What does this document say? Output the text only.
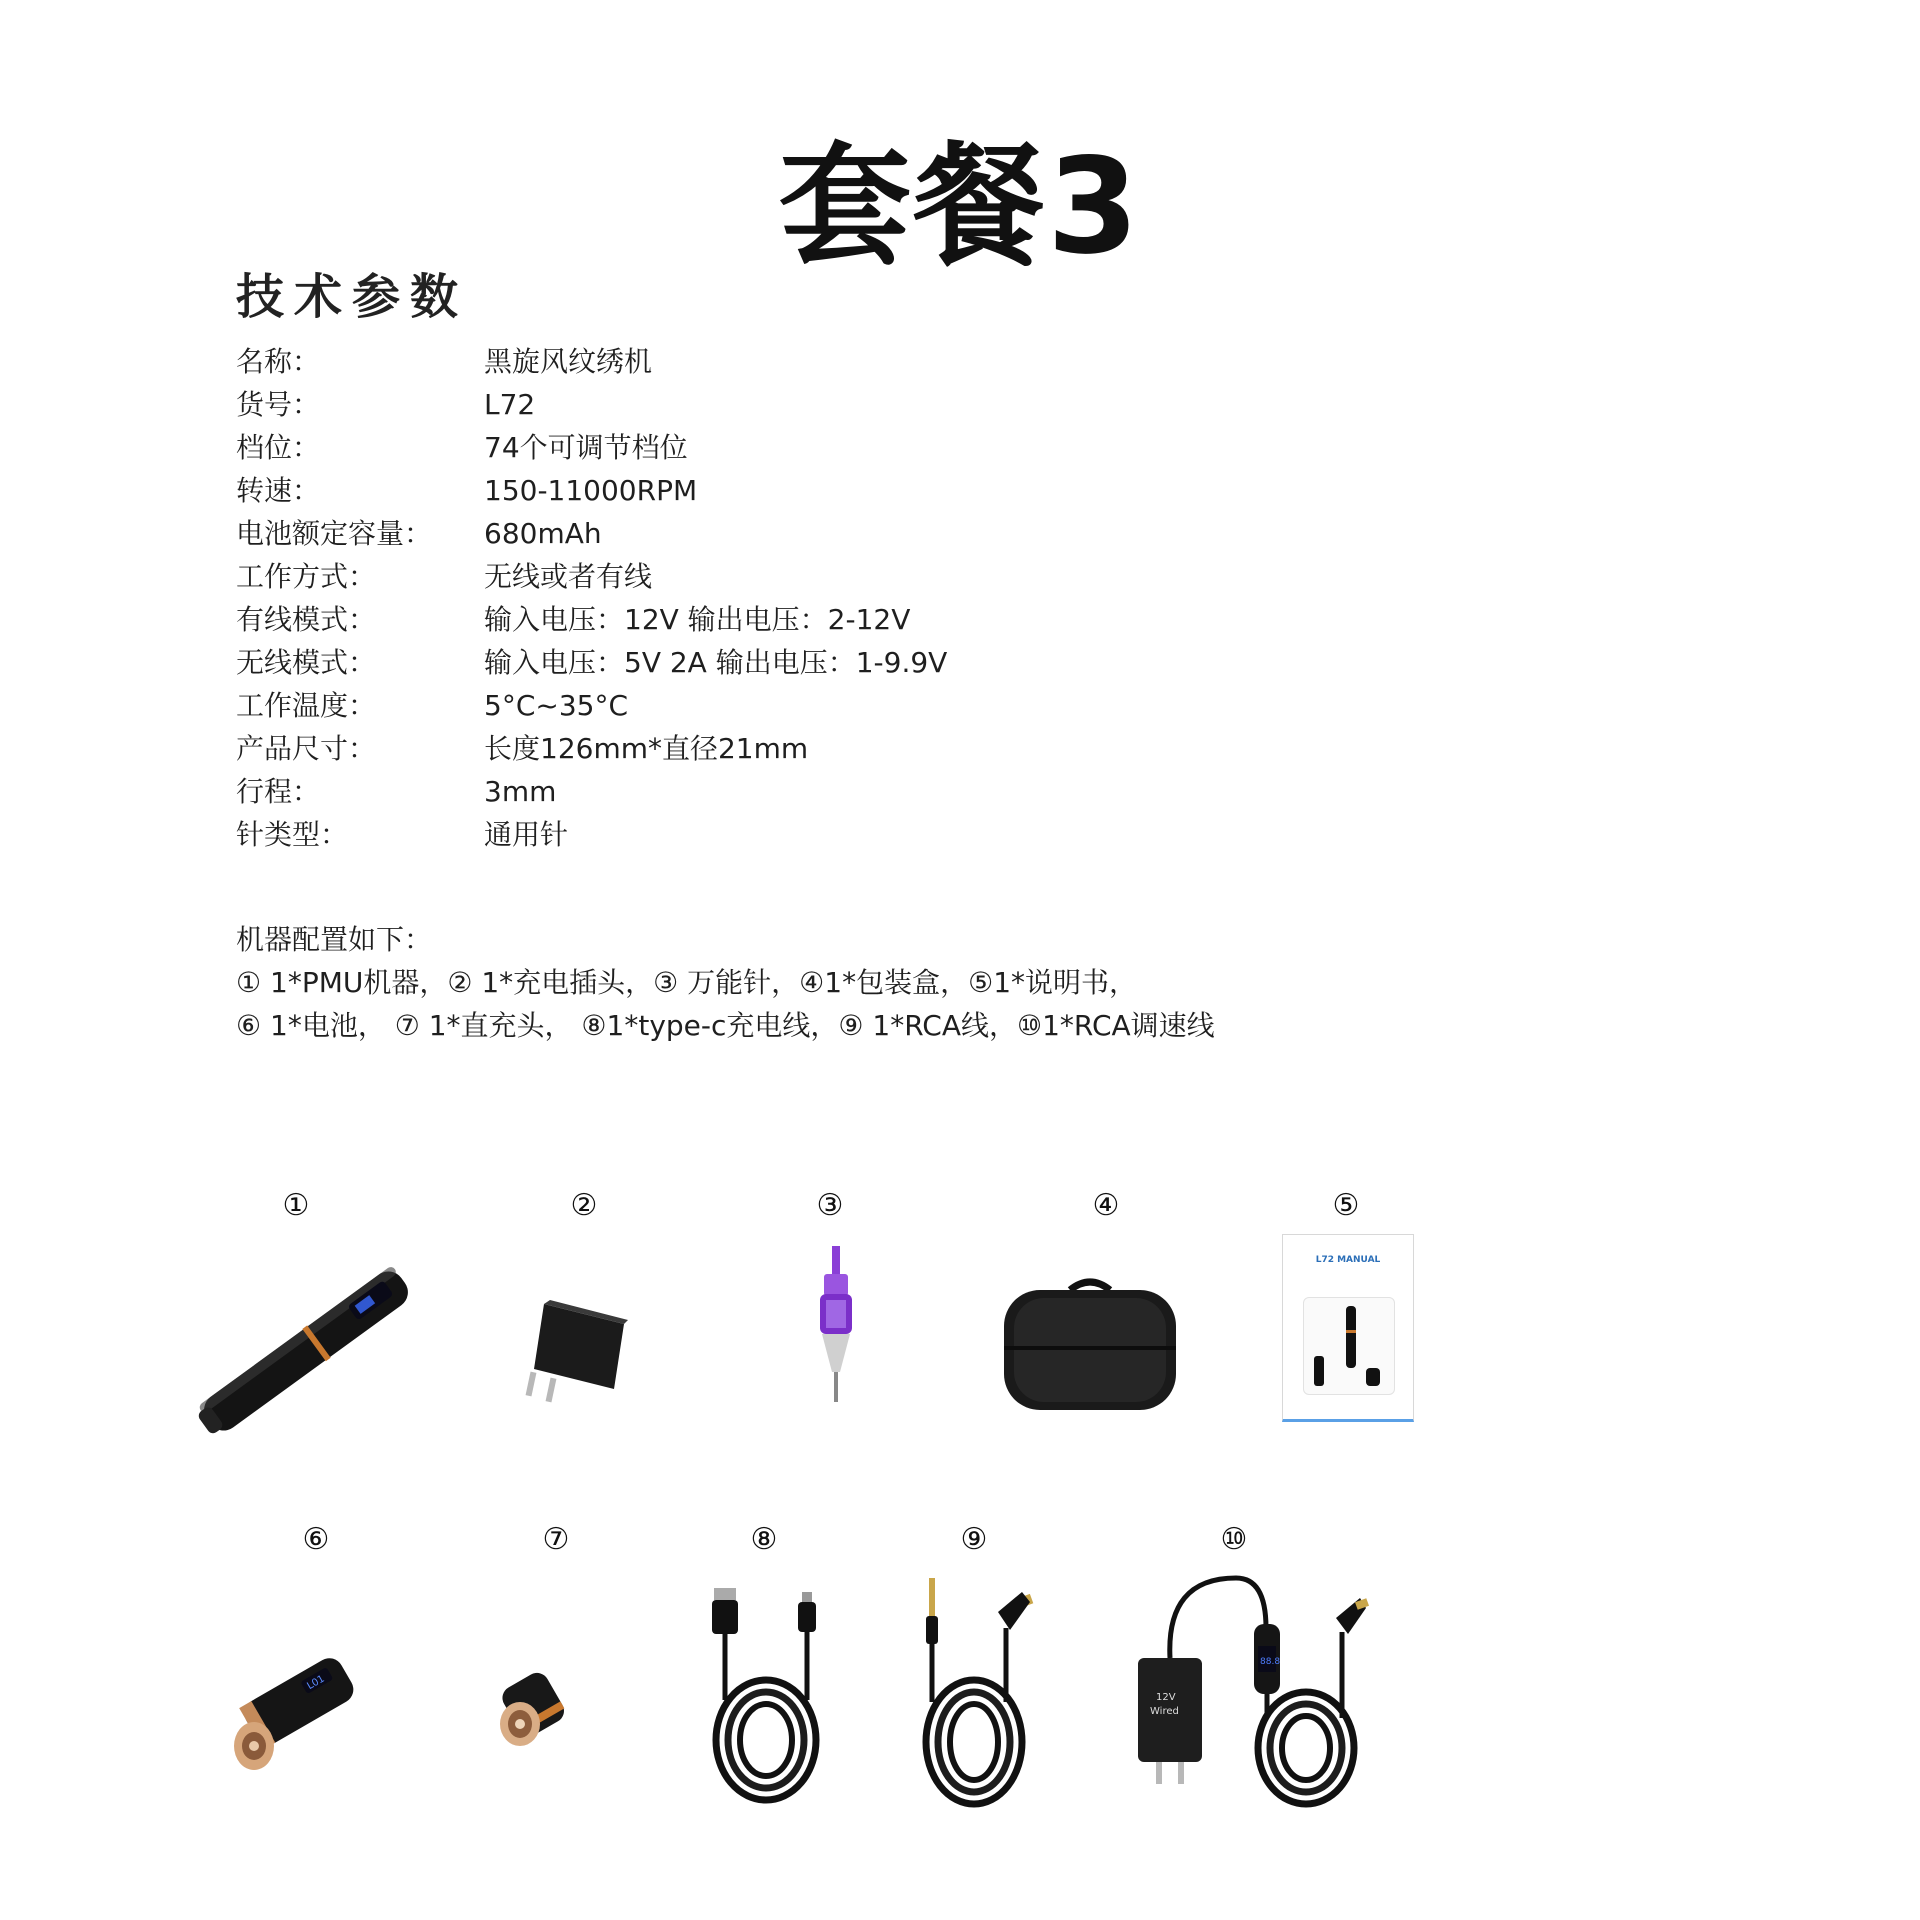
套餐3
技术参数
名称：	黑旋风纹绣机
货号：	L72
档位：	74个可调节档位
转速：	150-11000RPM
电池额定容量： 680mAh
工作方式：	无线或者有线
有线模式：	输入电压：12V 输出电压：2-12V
无线模式：	输入电压：5V 2A 输出电压：1-9.9V
工作温度：	5°C~35°C
产品尺寸：	长度126mm*直径21mm
行程：	3mm
针类型：	通用针
机器配置如下：
① 1*PMU机器，② 1*充电插头，③ 万能针，④1*包装盒，⑤1*说明书，
⑥ 1*电池， ⑦ 1*直充头， ⑧1*type-c充电线，⑨ 1*RCA线，⑩1*RCA调速线
①	②	③	④	⑤
⑥	⑦	⑧	⑨	⑩
L72 MANUAL
L01
88.8
12V
Wired
